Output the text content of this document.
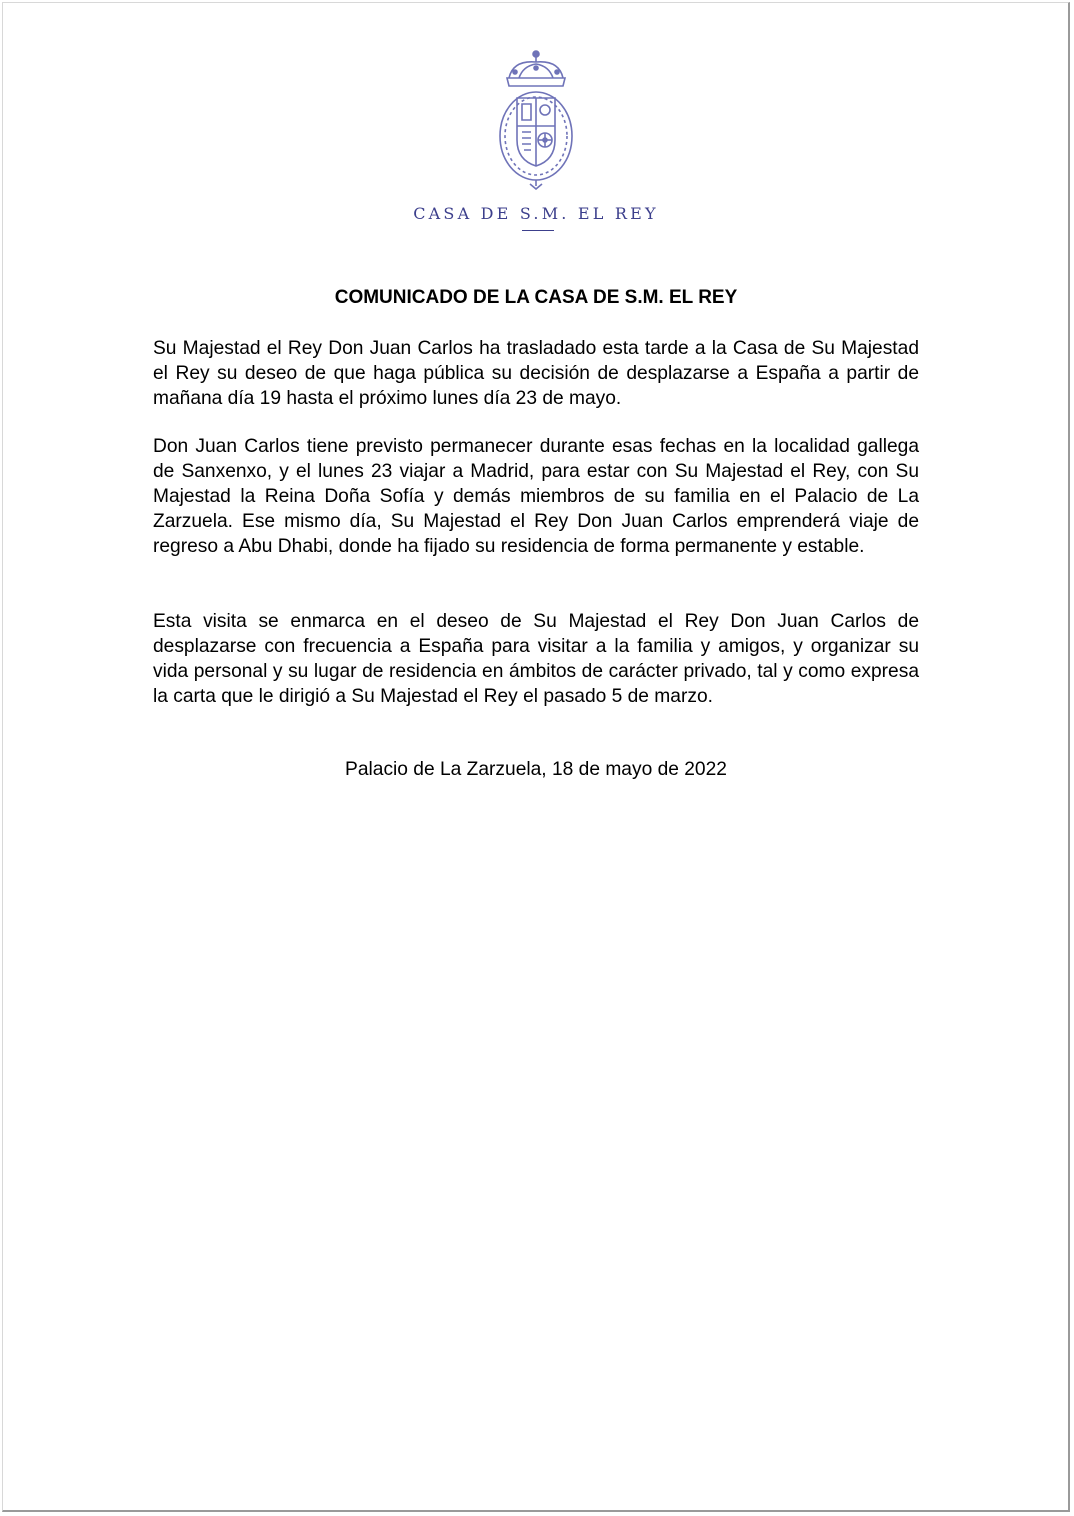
CASA DE S.M. EL REY
COMUNICADO DE LA CASA DE S.M. EL REY

Su Majestad el Rey Don Juan Carlos ha trasladado esta tarde a la Casa de Su Majestad el Rey su deseo de que haga pública su decisión de desplazarse a España a partir de mañana día 19 hasta el próximo lunes día 23 de mayo.

Don Juan Carlos tiene previsto permanecer durante esas fechas en la localidad gallega de Sanxenxo, y el lunes 23 viajar a Madrid, para estar con Su Majestad el Rey, con Su Majestad la Reina Doña Sofía y demás miembros de su familia en el Palacio de La Zarzuela. Ese mismo día, Su Majestad el Rey Don Juan Carlos emprenderá viaje de regreso a Abu Dhabi, donde ha fijado su residencia de forma permanente y estable.

Esta visita se enmarca en el deseo de Su Majestad el Rey Don Juan Carlos de desplazarse con frecuencia a España para visitar a la familia y amigos, y organizar su vida personal y su lugar de residencia en ámbitos de carácter privado, tal y como expresa la carta que le dirigió a Su Majestad el Rey el pasado 5 de marzo.

Palacio de La Zarzuela, 18 de mayo de 2022
